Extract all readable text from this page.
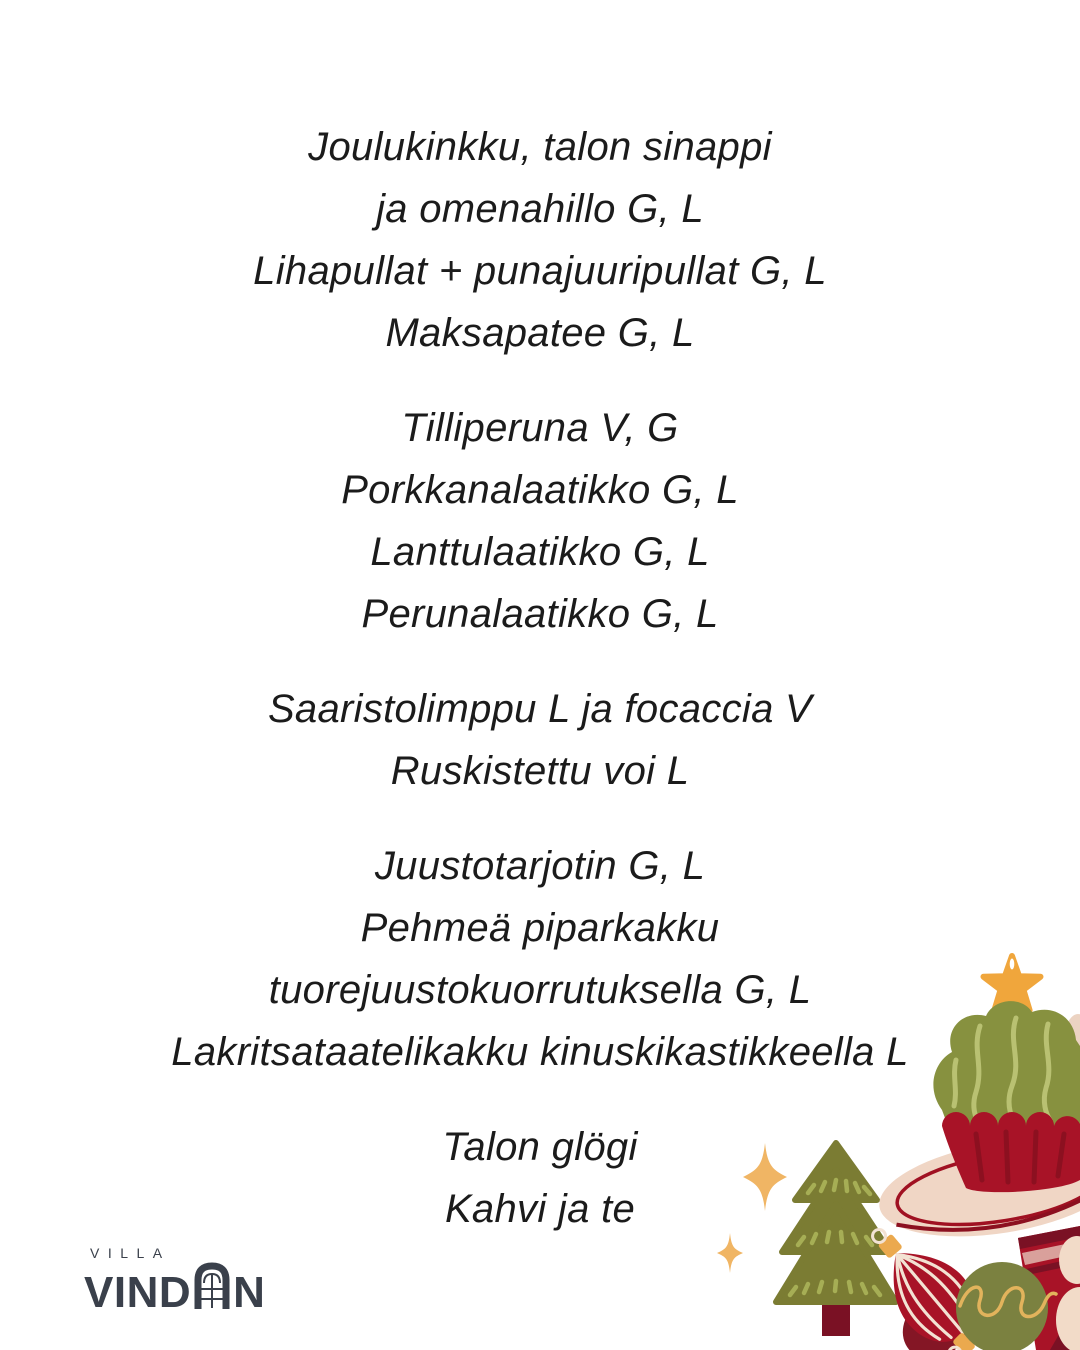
Joulukinkku, talon sinappi
ja omenahillo G, L
Lihapullat + punajuuripullat G, L
Maksapatee G, L
Tilliperuna V, G
Porkkanalaatikko G, L
Lanttulaatikko G, L
Perunalaatikko G, L
Saaristolimppu L ja focaccia V
Ruskistettu voi L
Juustotarjotin G, L
Pehmeä piparkakku
tuorejuustokuorrutuksella G, L
Lakritsataatelikakku kinuskikastikkeella L
Talon glögi
Kahvi ja te
VILLA
VIND N
